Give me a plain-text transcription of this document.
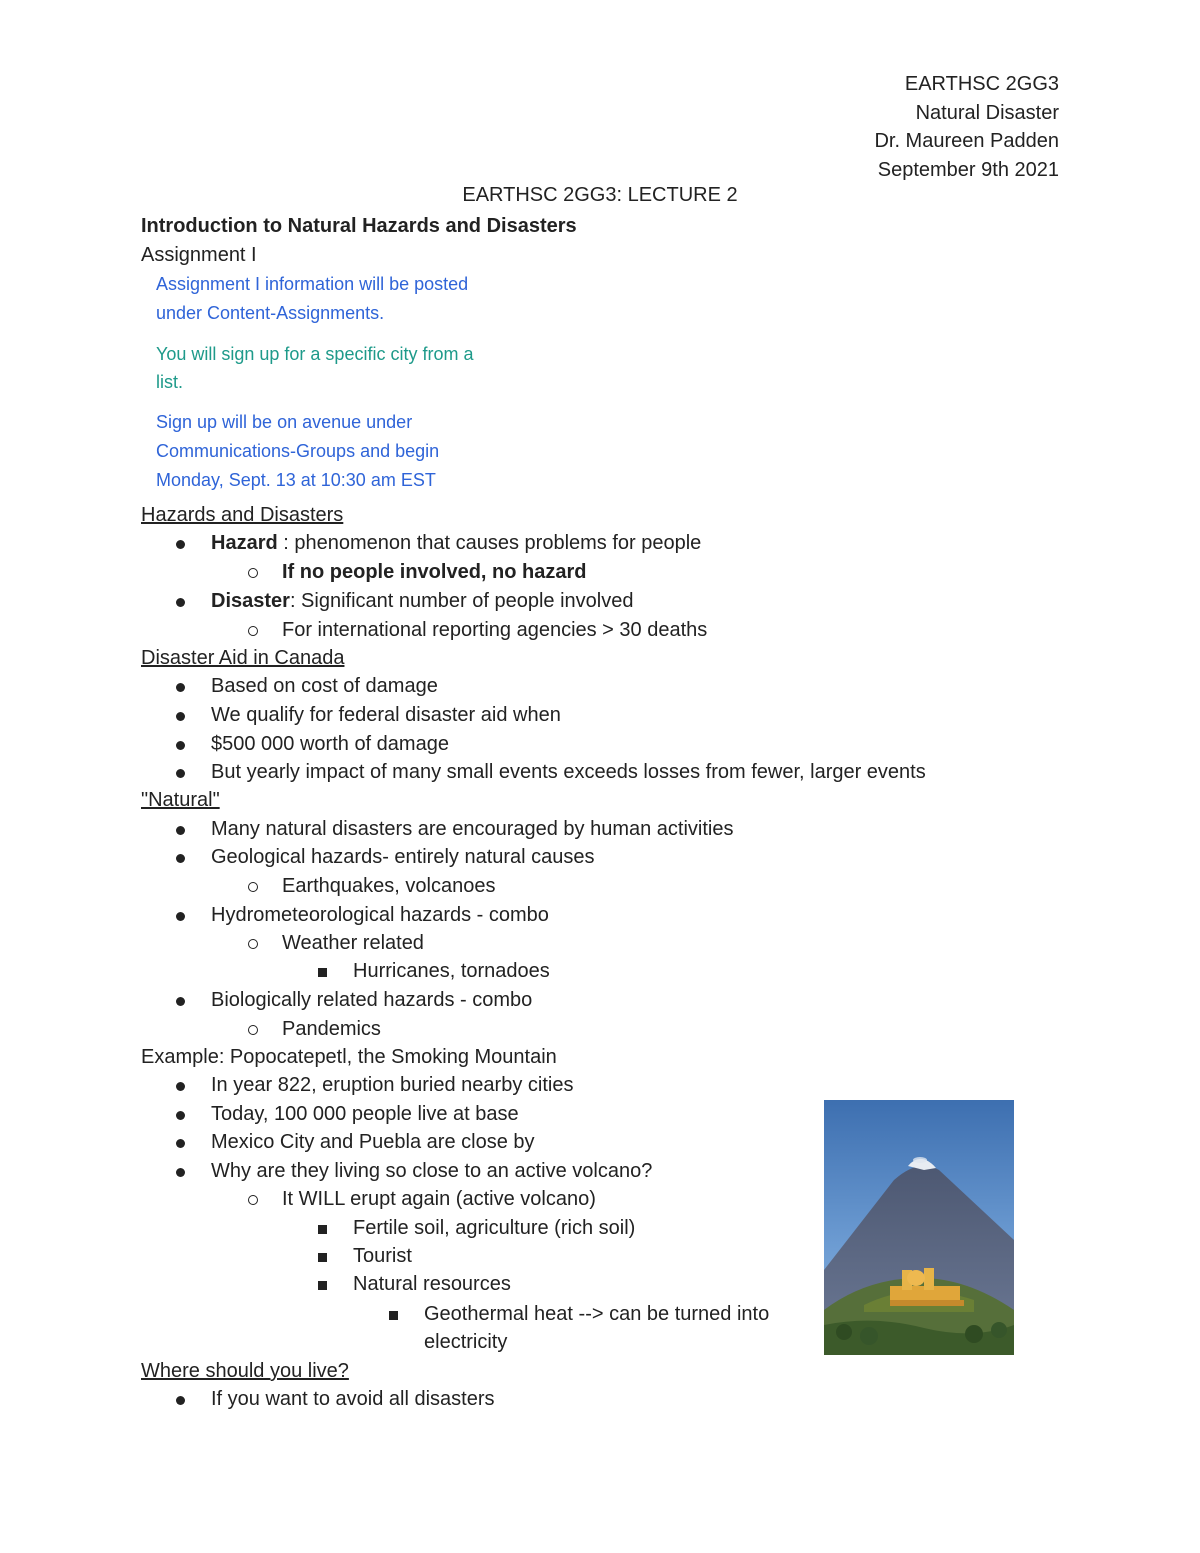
EARTHSC 2GG3
Natural Disaster
Dr. Maureen Padden
September 9th 2021
EARTHSC 2GG3: LECTURE 2
Introduction to Natural Hazards and Disasters
Assignment I
Assignment I information will be posted
under Content-Assignments.
You will sign up for a specific city from a
list.
Sign up will be on avenue under
Communications-Groups and begin
Monday, Sept. 13 at 10:30 am EST
Hazards and Disasters
Hazard : phenomenon that causes problems for people
If no people involved, no hazard
Disaster: Significant number of people involved
For international reporting agencies > 30 deaths
Disaster Aid in Canada
Based on cost of damage
We qualify for federal disaster aid when
$500 000 worth of damage
But yearly impact of many small events exceeds losses from fewer, larger events
"Natural"
Many natural disasters are encouraged by human activities
Geological hazards- entirely natural causes
Earthquakes, volcanoes
Hydrometeorological hazards - combo
Weather related
Hurricanes, tornadoes
Biologically related hazards - combo
Pandemics
Example: Popocatepetl, the Smoking Mountain
In year 822, eruption buried nearby cities
Today, 100 000 people live at base
Mexico City and Puebla are close by
Why are they living so close to an active volcano?
It WILL erupt again (active volcano)
Fertile soil, agriculture (rich soil)
Tourist
Natural resources
Geothermal heat --> can be turned into
electricity
Where should you live?
If you want to avoid all disasters
